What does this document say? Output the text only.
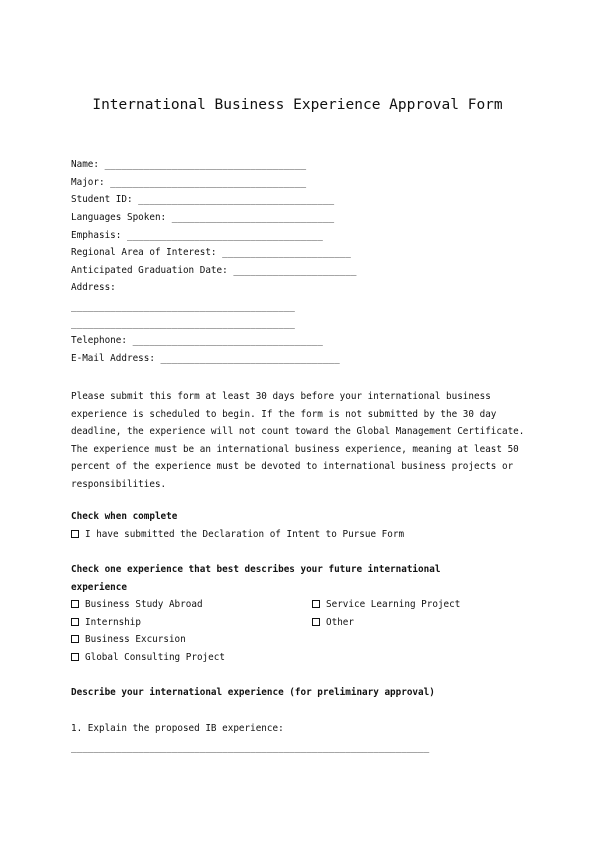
International Business Experience Approval Form
Name: ____________________________________
Major: ___________________________________
Student ID: ___________________________________
Languages Spoken: _____________________________
Emphasis: ___________________________________
Regional Area of Interest: _______________________
Anticipated Graduation Date: ______________________
Address:
________________________________________
________________________________________
Telephone: __________________________________
E-Mail Address: ________________________________
Please submit this form at least 30 days before your international business
experience is scheduled to begin. If the form is not submitted by the 30 day
deadline, the experience will not count toward the Global Management Certificate.
The experience must be an international business experience, meaning at least 50
percent of the experience must be devoted to international business projects or
responsibilities.
Check when complete
I have submitted the Declaration of Intent to Pursue Form
Check one experience that best describes your future international
experience
Business Study Abroad
Internship
Business Excursion
Global Consulting Project
Service Learning Project
Other
Describe your international experience (for preliminary approval)
1. Explain the proposed IB experience:
________________________________________________________________
